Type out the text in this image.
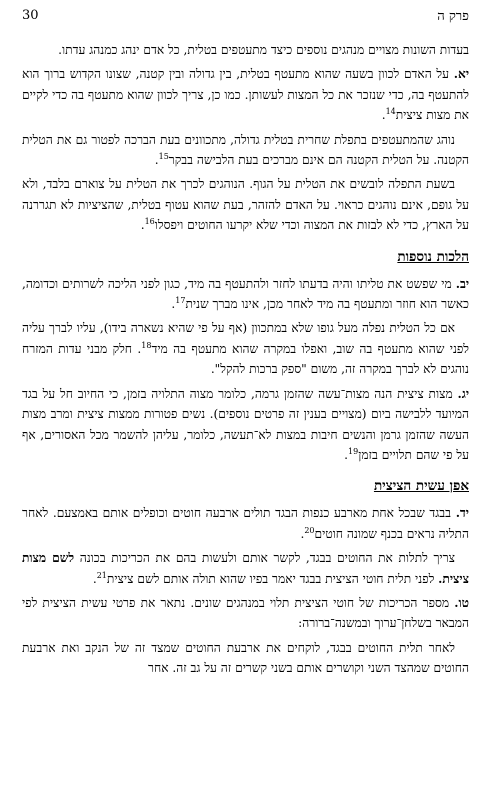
30	פרק ה

בעדות השונות מצויים מנהגים נוספים כיצד מתעטפים בטלית, כל אדם ינהג כמנהג עדתו.

יא. על האדם לכוון בשעה שהוא מתעטף בטלית, בין גדולה ובין קטנה, שצונו הקדוש ברוך הוא להתעטף בה, כדי שנזכר את כל המצות לעשותן. כמו כן, צריך לכוון שהוא מתעטף בה כדי לקיים את מצות ציצית$^{14}$.

נוהג שהמתעטפים בתפלת שחרית בטלית גדולה, מתכוונים בעת הברכה לפטור גם את הטלית הקטנה. על הטלית הקטנה הם אינם מברכים בעת הלבישה בבקר$^{15}$.

בשעת התפלה לובשים את הטלית על הגוף. הנוהגים לכרך את הטלית על צוארם בלבד, ולא על גופם, אינם נוהגים כראוי. על האדם להזהר, בעת שהוא עטוף בטלית, שהציציות לא תגררנה על הארץ, כדי לא לבזות את המצוה וכדי שלא יקרעו החוטים ויפסלו$^{16}$.

הלכות נוספות

יב. מי שפשט את טליתו והיה בדעתו לחזר ולהתעטף בה מיד, כגון לפני הליכה לשרותים וכדומה, כאשר הוא חוזר ומתעטף בה מיד לאחר מכן, אינו מברך שנית$^{17}$.

אם כל הטלית נפלה מעל גופו שלא במתכוון (אף על פי שהיא נשארה בידו), עליו לברך עליה לפני שהוא מתעטף בה שוב, ואפלו במקרה שהוא מתעטף בה מיד$^{18}$. חלק מבני עדות המזרח נוהגים לא לברך במקרה זה, משום "ספק ברכות להקל".

יג. מצות ציצית הנה מצות־עשה שהזמן גרמה, כלומר מצוה התלויה בזמן, כי החיוב חל על בגד המיועד ללבישה ביום (מצויים בענין זה פרטים נוספים). נשים פטורות ממצות ציצית ומרב מצות העשה שהזמן גרמן והנשים חיבות במצות לא־תעשה, כלומר, עליהן להשמר מכל האסורים, אף על פי שהם תלויים בזמן$^{19}$.

אפן עשית הציצית

יד. בבגד שבכל אחת מארבע כנפות הבגד תולים ארבעה חוטים וכופלים אותם באמצעם. לאחר התליה נראים בכנף שמונה חוטים$^{20}$.

צריך לתלות את החוטים בבגד, לקשר אותם ולעשות בהם את הכריכות בכונה לשם מצות ציצית. לפני תלית חוטי הציצית בבגד יאמר בפיו שהוא תולה אותם לשם ציצית$^{21}$.

טו. מספר הכריכות של חוטי הציצית תלוי במנהגים שונים. נתאר את פרטי עשית הציצית לפי המבאר בשלחן־ערוך ובמשנה־ברורה:

לאחר תלית החוטים בבגד, לוקחים את ארבעת החוטים שמצד זה של הנקב ואת ארבעת החוטים שמהצד השני וקושרים אותם בשני קשרים זה על גב זה. אחר
